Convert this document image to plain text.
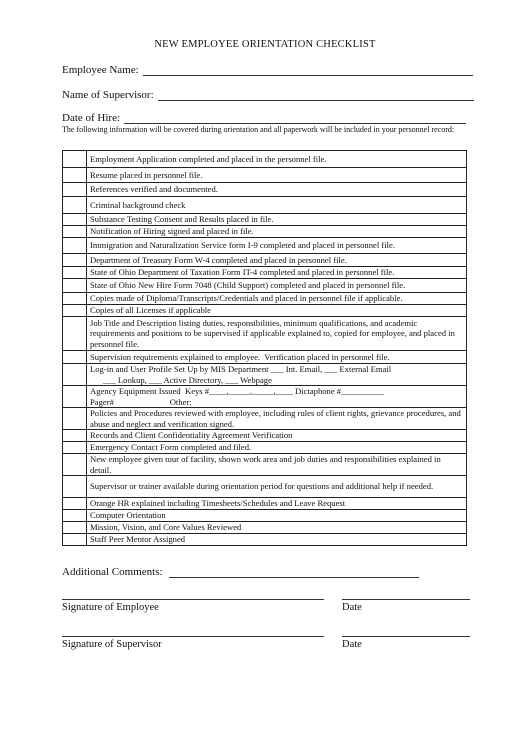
NEW EMPLOYEE ORIENTATION CHECKLIST
Employee Name:
Name of Supervisor:
Date of Hire:
The following information will be covered during orientation and all paperwork will be included in your personnel record:
	Employment Application completed and placed in the personnel file.
	Resume placed in personnel file.
	References verified and documented.
	Criminal background check
	Substance Testing Consent and Results placed in file.
	Notification of Hiring signed and placed in file.
	Immigration and Naturalization Service form I-9 completed and placed in personnel file.
	Department of Treasury Form W-4 completed and placed in personnel file.
	State of Ohio Department of Taxation Form IT-4 completed and placed in personnel file.
	State of Ohio New Hire Form 7048 (Child Support) completed and placed in personnel file.
	Copies made of Diploma/Transcripts/Credentials and placed in personnel file if applicable.
	Copies of all Licenses if applicable
	Job Title and Description listing duties, responsibilities, minimum qualifications, and academic requirements and positions to be supervised if applicable explained to, copied for employee, and placed in personnel file.
	Supervision requirements explained to employee.  Verification placed in personnel file.
	Log-in and User Profile Set Up by MIS Department ___ Int. Email, ___ External Email
___ Lookup, ___ Active Directory, ___ Webpage
	Agency Equipment Issued  Keys #____,_____,_____,____ Dictaphone #__________
Pager#                          Other:
	Policies and Procedures reviewed with employee, including rules of client rights, grievance procedures, and abuse and neglect and verification signed.
	Records and Client Confidentiality Agreement Verification
	Emergency Contact Form completed and filed.
	New employee given tour of facility, shown work area and job duties and responsibilities explained in detail.
	Supervisor or trainer available during orientation period for questions and additional help if needed.
	Orange HR explained including Timesheets/Schedules and Leave Request
	Computer Orientation
	Mission, Vision, and Core Values Reviewed
	Staff Peer Mentor Assigned
Additional Comments:
Signature of Employee	Date
Signature of Supervisor	Date
